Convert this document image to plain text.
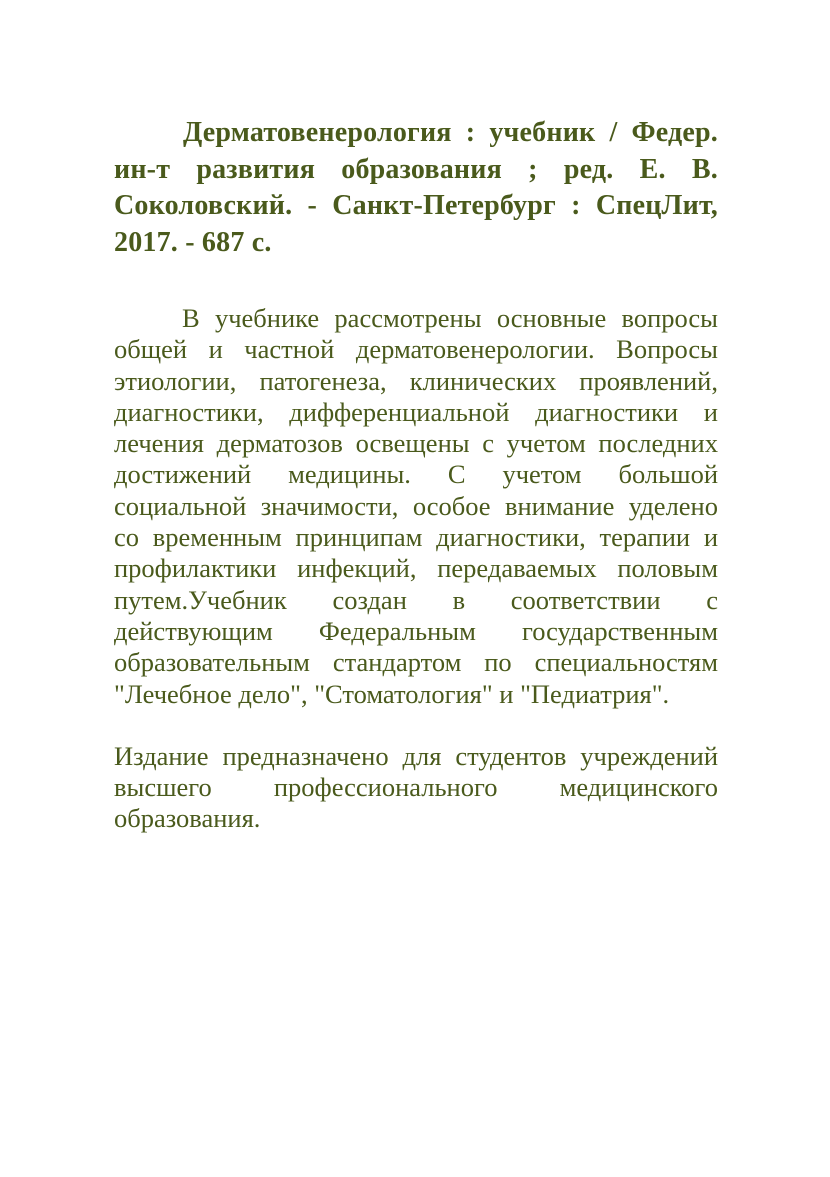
Дерматовенерология : учебник / Федер. ин-т развития образования ; ред. Е. В. Соколовский. - Санкт-Петербург : СпецЛит, 2017. - 687 с.

В учебнике рассмотрены основные вопросы общей и частной дерматовенерологии. Вопросы этиологии, патогенеза, клинических проявлений, диагностики, дифференциальной диагностики и лечения дерматозов освещены с учетом последних достижений медицины. С учетом большой социальной значимости, особое внимание уделено со временным принципам диагностики, терапии и профилактики инфекций, передаваемых половым путем.Учебник создан в соответствии с действующим Федеральным государственным образовательным стандартом по специальностям "Лечебное дело", "Стоматология" и "Педиатрия".

Издание предназначено для студентов учреждений высшего профессионального медицинского образования.
